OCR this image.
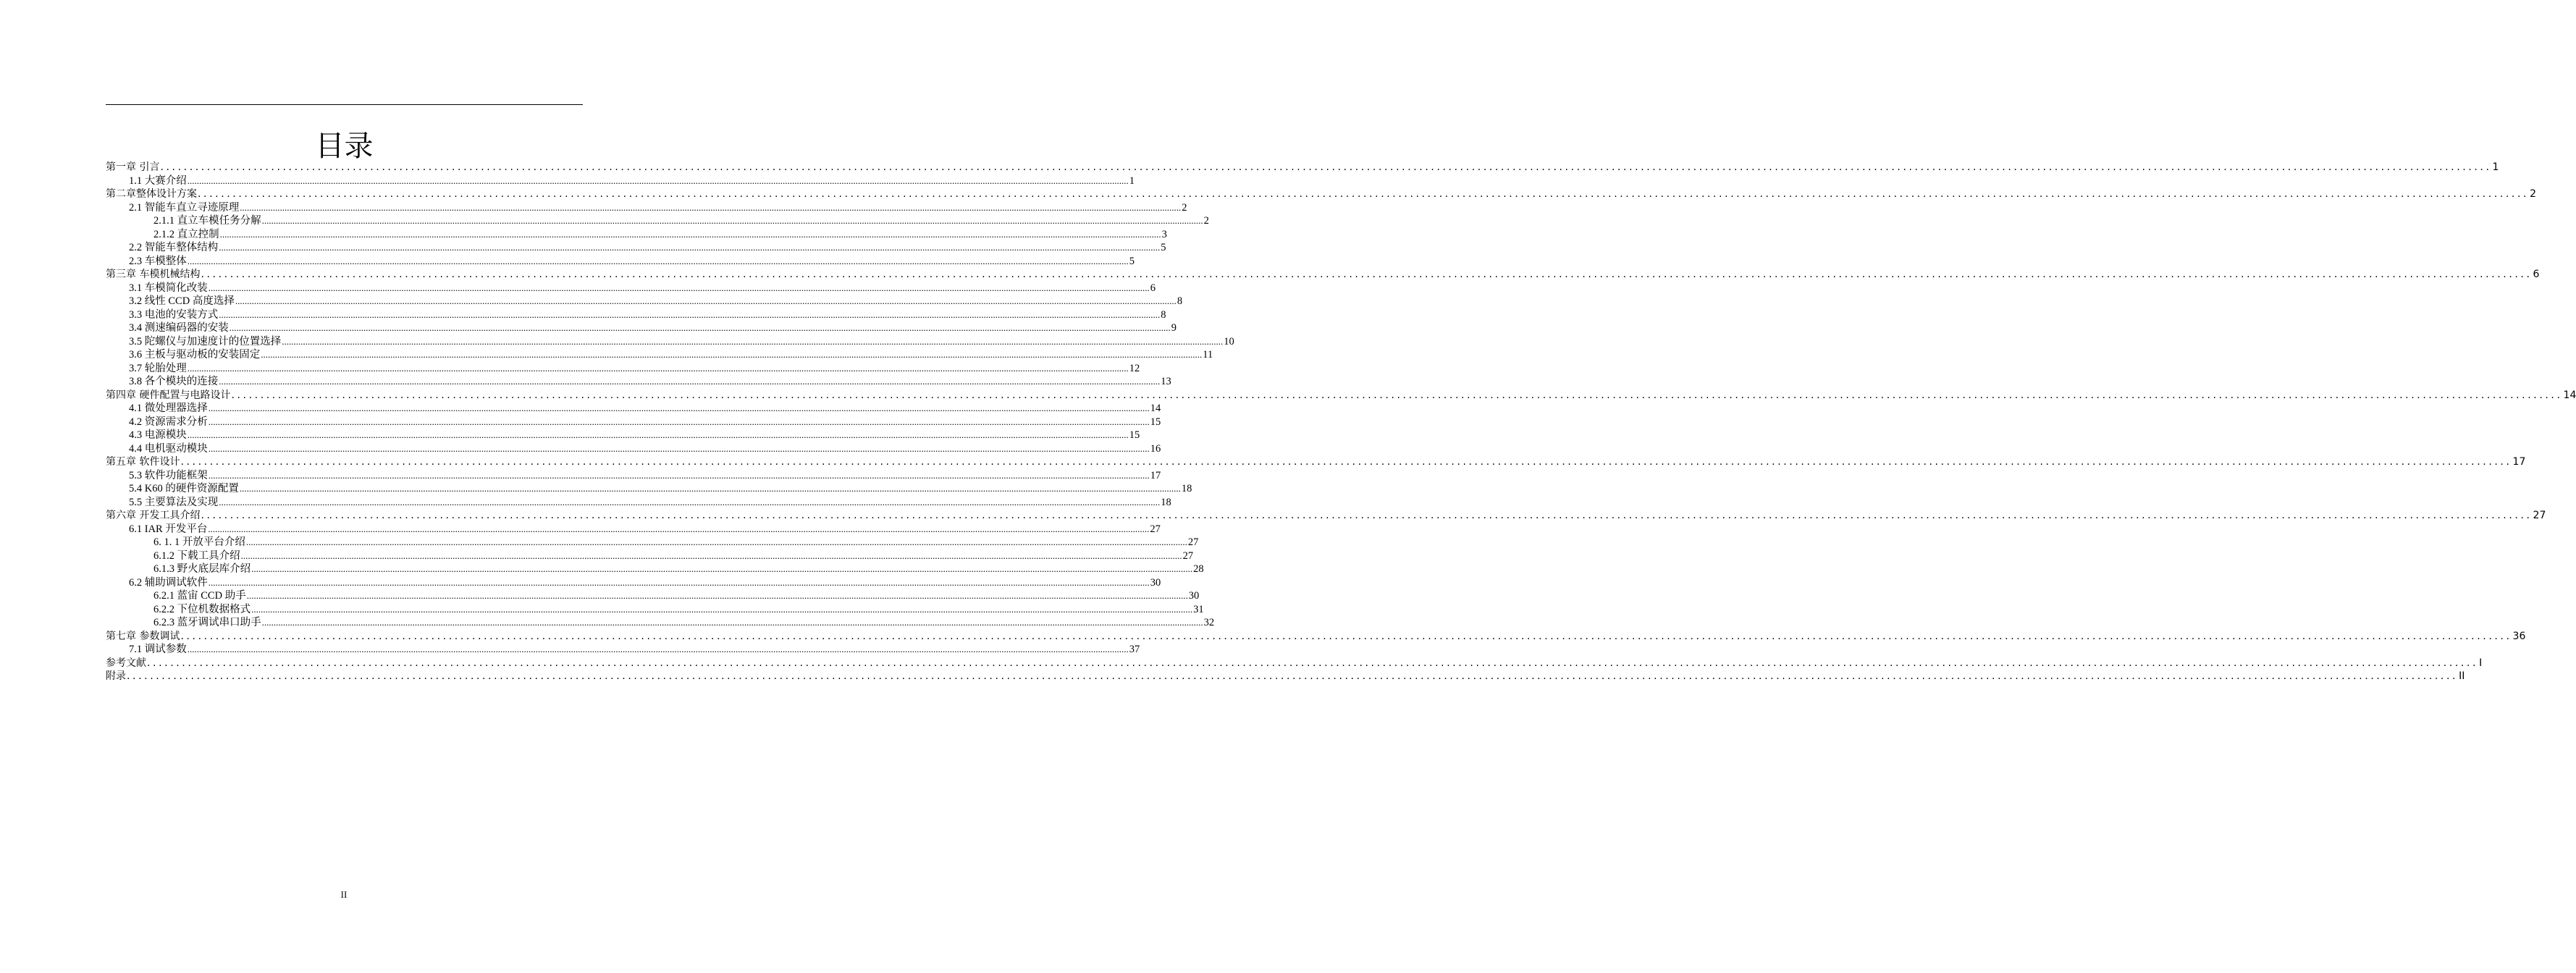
目录
第一章 引言 ................................................................................................................................................................................................................................................................................................................................................................................................................ 1
1.1 大赛介绍 ................................................................................................................................................................................................................................................................................................................................................................................................................ 1
第二章整体设计方案 ................................................................................................................................................................................................................................................................................................................................................................................................................ 2
2.1 智能车直立寻迹原理 ................................................................................................................................................................................................................................................................................................................................................................................................................ 2
2.1.1 直立车模任务分解 ................................................................................................................................................................................................................................................................................................................................................................................................................ 2
2.1.2 直立控制 ................................................................................................................................................................................................................................................................................................................................................................................................................ 3
2.2 智能车整体结构 ................................................................................................................................................................................................................................................................................................................................................................................................................ 5
2.3 车模整体 ................................................................................................................................................................................................................................................................................................................................................................................................................ 5
第三章 车模机械结构 ................................................................................................................................................................................................................................................................................................................................................................................................................ 6
3.1 车模简化改装 ................................................................................................................................................................................................................................................................................................................................................................................................................ 6
3.2 线性 CCD 高度选择 ................................................................................................................................................................................................................................................................................................................................................................................................................ 8
3.3 电池的安装方式 ................................................................................................................................................................................................................................................................................................................................................................................................................ 8
3.4 测速编码器的安装 ................................................................................................................................................................................................................................................................................................................................................................................................................ 9
3.5 陀螺仪与加速度计的位置选择 ................................................................................................................................................................................................................................................................................................................................................................................................................ 10
3.6 主板与驱动板的安装固定 ................................................................................................................................................................................................................................................................................................................................................................................................................ 11
3.7 轮胎处理 ................................................................................................................................................................................................................................................................................................................................................................................................................ 12
3.8 各个模块的连接 ................................................................................................................................................................................................................................................................................................................................................................................................................ 13
第四章 硬件配置与电路设计 ................................................................................................................................................................................................................................................................................................................................................................................................................ 14
4.1 微处理器选择 ................................................................................................................................................................................................................................................................................................................................................................................................................ 14
4.2 资源需求分析 ................................................................................................................................................................................................................................................................................................................................................................................................................ 15
4.3 电源模块 ................................................................................................................................................................................................................................................................................................................................................................................................................ 15
4.4 电机驱动模块 ................................................................................................................................................................................................................................................................................................................................................................................................................ 16
第五章 软件设计 ................................................................................................................................................................................................................................................................................................................................................................................................................ 17
5.3 软件功能框架 ................................................................................................................................................................................................................................................................................................................................................................................................................ 17
5.4 K60 的硬件资源配置 ................................................................................................................................................................................................................................................................................................................................................................................................................ 18
5.5 主要算法及实现 ................................................................................................................................................................................................................................................................................................................................................................................................................ 18
第六章 开发工具介绍 ................................................................................................................................................................................................................................................................................................................................................................................................................ 27
6.1 IAR 开发平台 ................................................................................................................................................................................................................................................................................................................................................................................................................ 27
6. 1. 1 开放平台介绍 ................................................................................................................................................................................................................................................................................................................................................................................................................ 27
6.1.2 下载工具介绍 ................................................................................................................................................................................................................................................................................................................................................................................................................ 27
6.1.3 野火底层库介绍 ................................................................................................................................................................................................................................................................................................................................................................................................................ 28
6.2 辅助调试软件 ................................................................................................................................................................................................................................................................................................................................................................................................................ 30
6.2.1 蓝宙 CCD 助手 ................................................................................................................................................................................................................................................................................................................................................................................................................ 30
6.2.2 下位机数据格式 ................................................................................................................................................................................................................................................................................................................................................................................................................ 31
6.2.3 蓝牙调试串口助手 ................................................................................................................................................................................................................................................................................................................................................................................................................ 32
第七章 参数调试 ................................................................................................................................................................................................................................................................................................................................................................................................................ 36
7.1 调试参数 ................................................................................................................................................................................................................................................................................................................................................................................................................ 37
参考文献 ................................................................................................................................................................................................................................................................................................................................................................................................................ Ⅰ
附录 ................................................................................................................................................................................................................................................................................................................................................................................................................ ⅠⅠ
II
